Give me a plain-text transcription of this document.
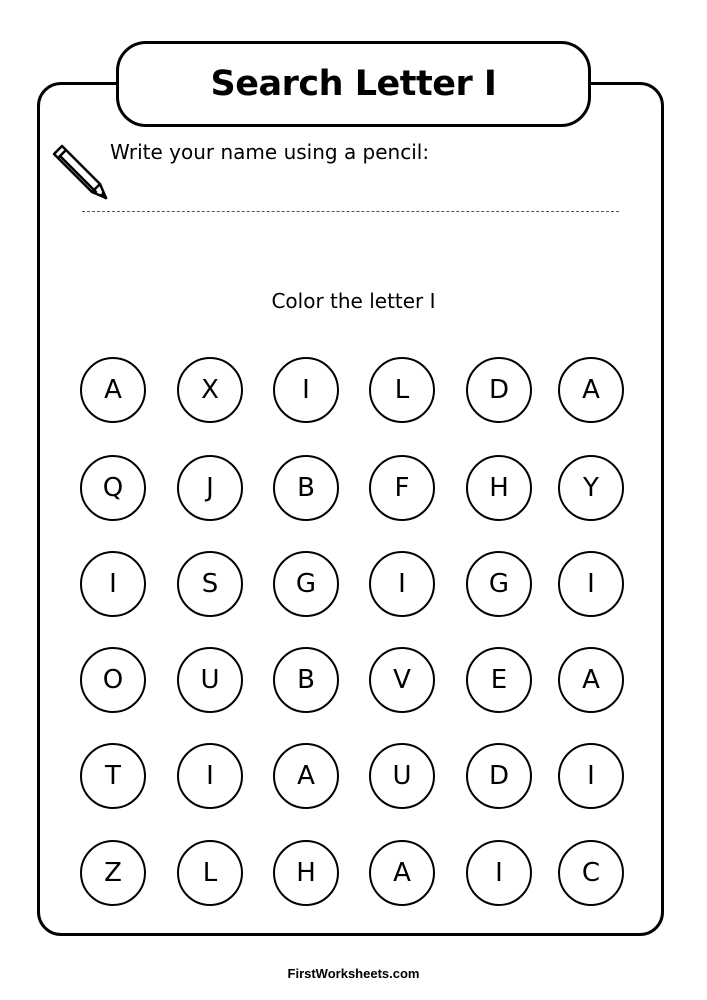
Search Letter I
Write your name using a pencil:
Color the letter I
A	X	I	L	D	A
Q	J	B	F	H	Y
I	S	G	I	G	I
O	U	B	V	E	A
T	I	A	U	D	I
Z	L	H	A	I	C
FirstWorksheets.com
